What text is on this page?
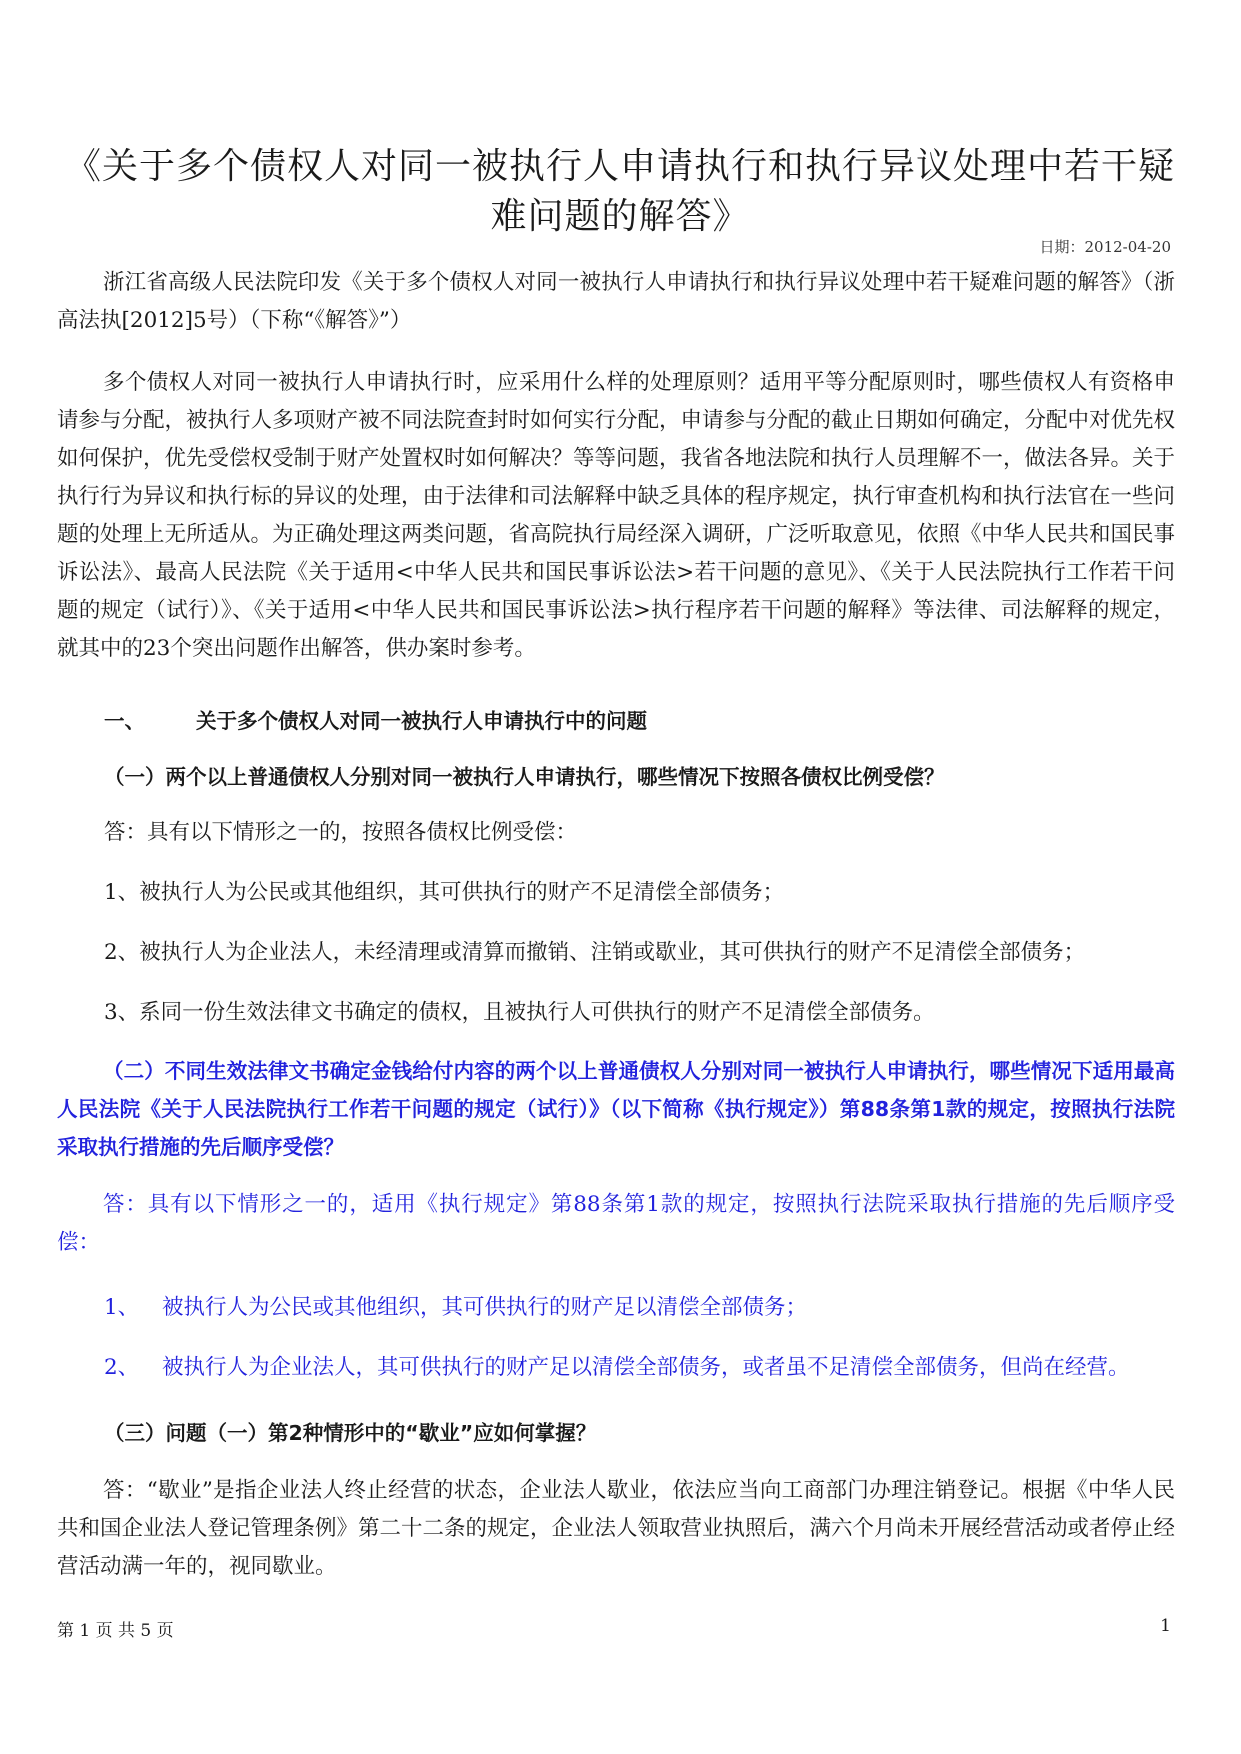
《关于多个债权人对同一被执行人申请执行和执行异议处理中若干疑难问题的解答》
日期：2012-04-20

浙江省高级人民法院印发《关于多个债权人对同一被执行人申请执行和执行异议处理中若干疑难问题的解答》（浙高法执[2012]5号）（下称“《解答》”）

多个债权人对同一被执行人申请执行时，应采用什么样的处理原则？适用平等分配原则时，哪些债权人有资格申请参与分配，被执行人多项财产被不同法院查封时如何实行分配，申请参与分配的截止日期如何确定，分配中对优先权如何保护，优先受偿权受制于财产处置权时如何解决？等等问题，我省各地法院和执行人员理解不一，做法各异。关于执行行为异议和执行标的异议的处理，由于法律和司法解释中缺乏具体的程序规定，执行审查机构和执行法官在一些问题的处理上无所适从。为正确处理这两类问题，省高院执行局经深入调研，广泛听取意见，依照《中华人民共和国民事诉讼法》、最高人民法院《关于适用<中华人民共和国民事诉讼法>若干问题的意见》、《关于人民法院执行工作若干问题的规定（试行）》、《关于适用<中华人民共和国民事诉讼法>执行程序若干问题的解释》等法律、司法解释的规定，就其中的23个突出问题作出解答，供办案时参考。

一、 关于多个债权人对同一被执行人申请执行中的问题

（一）两个以上普通债权人分别对同一被执行人申请执行，哪些情况下按照各债权比例受偿？

答：具有以下情形之一的，按照各债权比例受偿：

1、被执行人为公民或其他组织，其可供执行的财产不足清偿全部债务；

2、被执行人为企业法人，未经清理或清算而撤销、注销或歇业，其可供执行的财产不足清偿全部债务；

3、系同一份生效法律文书确定的债权，且被执行人可供执行的财产不足清偿全部债务。

（二）不同生效法律文书确定金钱给付内容的两个以上普通债权人分别对同一被执行人申请执行，哪些情况下适用最高人民法院《关于人民法院执行工作若干问题的规定（试行）》（以下简称《执行规定》）第88条第1款的规定，按照执行法院采取执行措施的先后顺序受偿？

答：具有以下情形之一的，适用《执行规定》第88条第1款的规定，按照执行法院采取执行措施的先后顺序受偿：

1、 被执行人为公民或其他组织，其可供执行的财产足以清偿全部债务；
2、 被执行人为企业法人，其可供执行的财产足以清偿全部债务，或者虽不足清偿全部债务，但尚在经营。

（三）问题（一）第2种情形中的“歇业”应如何掌握？

答：“歇业”是指企业法人终止经营的状态，企业法人歇业，依法应当向工商部门办理注销登记。根据《中华人民共和国企业法人登记管理条例》第二十二条的规定，企业法人领取营业执照后，满六个月尚未开展经营活动或者停止经营活动满一年的，视同歇业。

第 1 页 共 5 页	1
